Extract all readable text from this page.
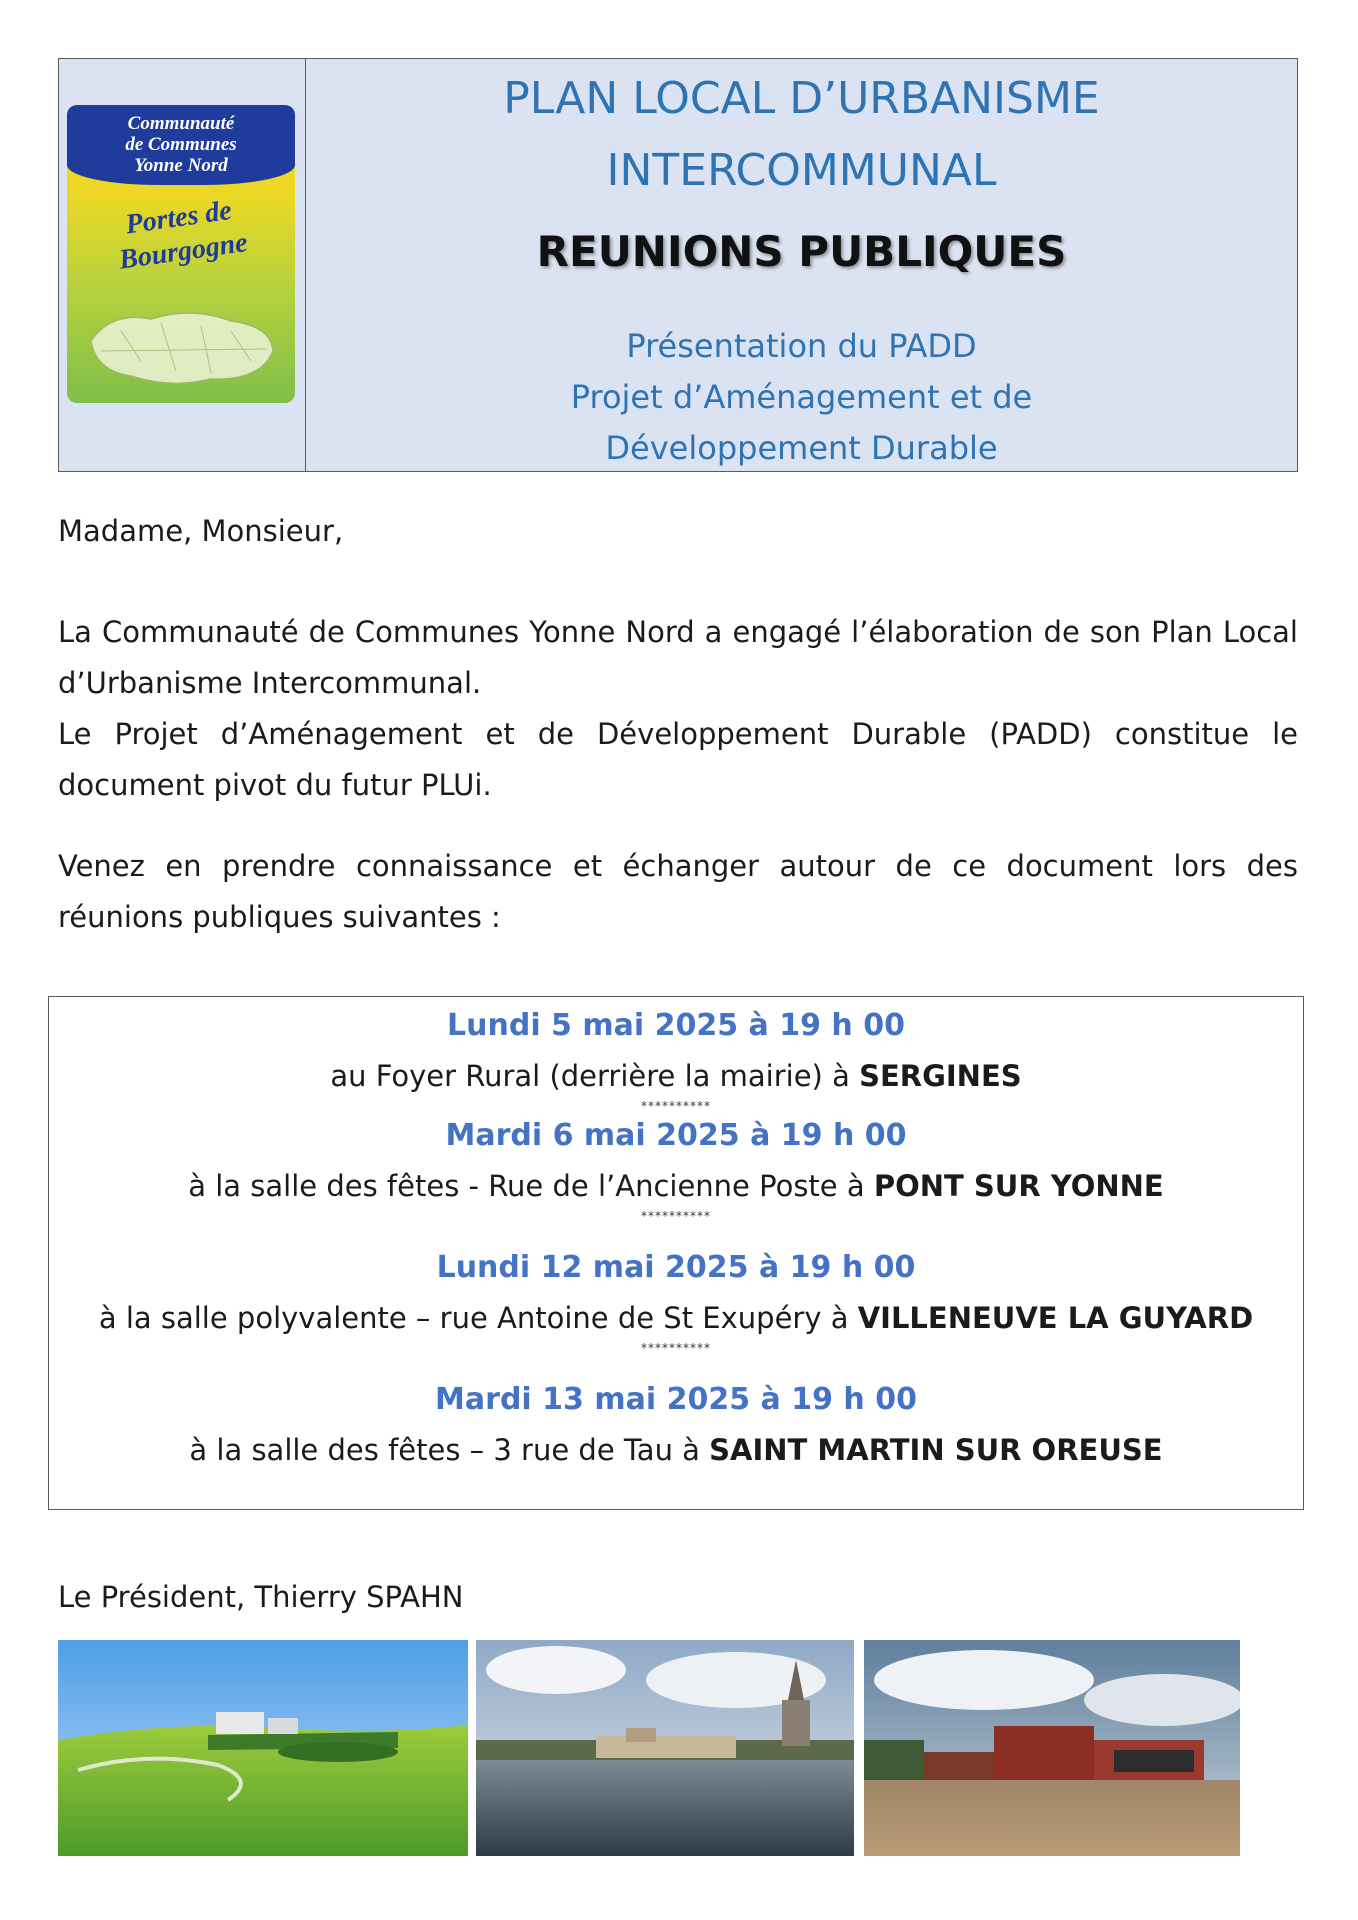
Communauté
de Communes
Yonne Nord
Portes de
Bourgogne
PLAN LOCAL D’URBANISME
INTERCOMMUNAL
REUNIONS PUBLIQUES
Présentation du PADD
Projet d’Aménagement et de
Développement Durable

Madame, Monsieur,

La Communauté de Communes Yonne Nord a engagé l’élaboration de son Plan Local d’Urbanisme Intercommunal.

Le Projet d’Aménagement et de Développement Durable (PADD) constitue le document pivot du futur PLUi.

Venez en prendre connaissance et échanger autour de ce document lors des réunions publiques suivantes :

Lundi 5 mai 2025 à 19 h 00
au Foyer Rural (derrière la mairie) à SERGINES
**********
Mardi 6 mai 2025 à 19 h 00
à la salle des fêtes - Rue de l’Ancienne Poste à PONT SUR YONNE
**********
Lundi 12 mai 2025 à 19 h 00
à la salle polyvalente – rue Antoine de St Exupéry à VILLENEUVE LA GUYARD
**********
Mardi 13 mai 2025 à 19 h 00
à la salle des fêtes – 3 rue de Tau à SAINT MARTIN SUR OREUSE
Le Président, Thierry SPAHN
